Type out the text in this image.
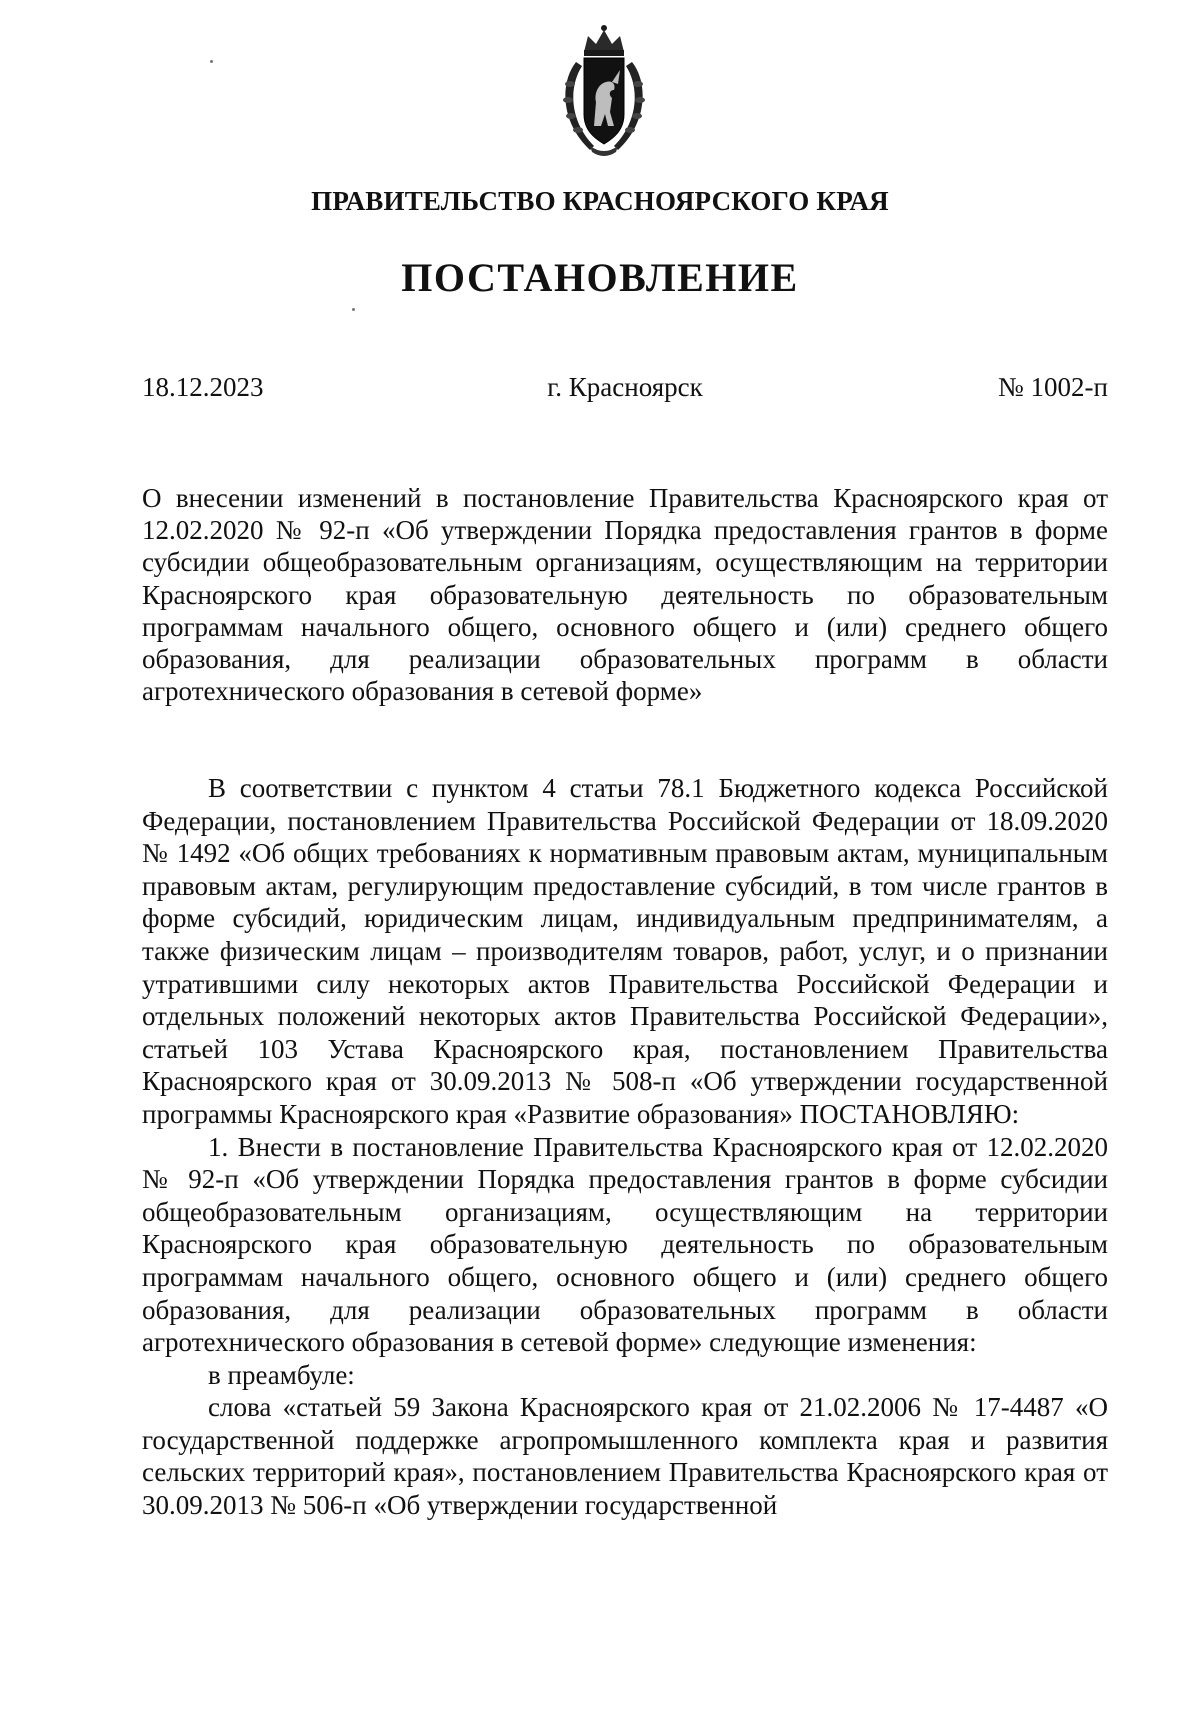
ПРАВИТЕЛЬСТВО КРАСНОЯРСКОГО КРАЯ
ПОСТАНОВЛЕНИЕ
18.12.2023	г. Красноярск	№ 1002-п

О внесении изменений в постановление Правительства Красноярского края от 12.02.2020 № 92-п «Об утверждении Порядка предоставления грантов в форме субсидии общеобразовательным организациям, осуществляющим на территории Красноярского края образовательную деятельность по образовательным программам начального общего, основного общего и (или) среднего общего образования, для реализации образовательных программ в области агротехнического образования в сетевой форме»

В соответствии с пунктом 4 статьи 78.1 Бюджетного кодекса Российской Федерации, постановлением Правительства Российской Федерации от 18.09.2020 № 1492 «Об общих требованиях к нормативным правовым актам, муниципальным правовым актам, регулирующим предоставление субсидий, в том числе грантов в форме субсидий, юридическим лицам, индивидуальным предпринимателям, а также физическим лицам – производителям товаров, работ, услуг, и о признании утратившими силу некоторых актов Правительства Российской Федерации и отдельных положений некоторых актов Правительства Российской Федерации», статьей 103 Устава Красноярского края, постановлением Правительства Красноярского края от 30.09.2013 № 508-п «Об утверждении государственной программы Красноярского края «Развитие образования» ПОСТАНОВЛЯЮ:

1. Внести в постановление Правительства Красноярского края от 12.02.2020 № 92-п «Об утверждении Порядка предоставления грантов в форме субсидии общеобразовательным организациям, осуществляющим на территории Красноярского края образовательную деятельность по образовательным программам начального общего, основного общего и (или) среднего общего образования, для реализации образовательных программ в области агротехнического образования в сетевой форме» следующие изменения:

в преамбуле:

слова «статьей 59 Закона Красноярского края от 21.02.2006 № 17-4487 «О государственной поддержке агропромышленного комплекта края и развития сельских территорий края», постановлением Правительства Красноярского края от 30.09.2013 № 506-п «Об утверждении государственной
